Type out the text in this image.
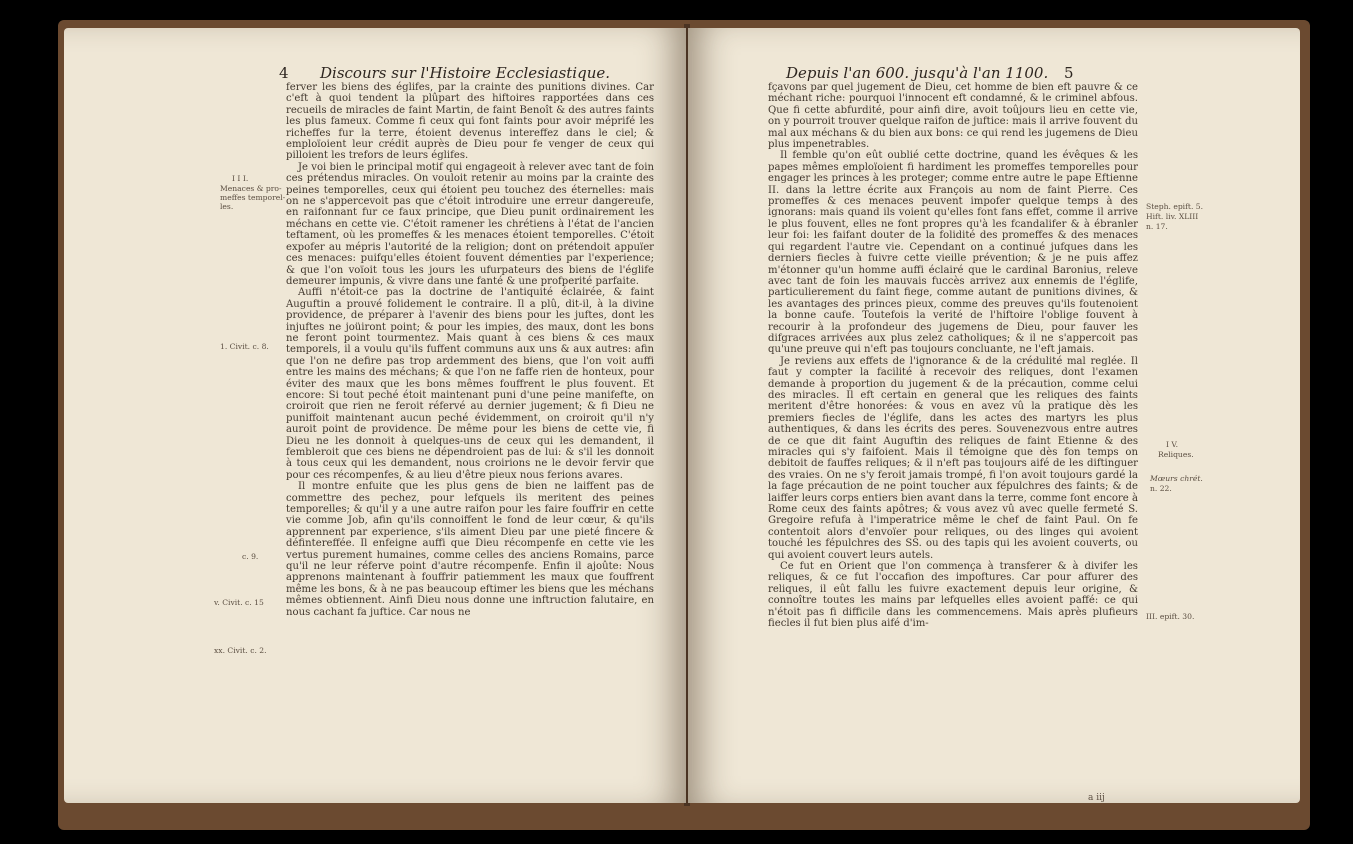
4 Discours sur l'Histoire Ecclesiastique.

ferver les biens des églifes, par la crainte des punitions divines. Car c'eft à quoi tendent la plûpart des hiftoires rapportées dans ces recueils de miracles de faint Martin, de faint Benoît & des autres faints les plus fameux. Comme fi ceux qui font faints pour avoir méprifé les richeffes fur la terre, étoient devenus intereffez dans le ciel; & emploïoient leur crédit auprès de Dieu pour fe venger de ceux qui pilloient les trefors de leurs églifes.

Je voi bien le principal motif qui engageoit à relever avec tant de foin ces prétendus miracles. On vouloit retenir au moins par la crainte des peines temporelles, ceux qui étoient peu touchez des éternelles: mais on ne s'appercevoit pas que c'étoit introduire une erreur dangereufe, en raifonnant fur ce faux principe, que Dieu punit ordinairement les méchans en cette vie. C'étoit ramener les chrétiens à l'état de l'ancien teftament, où les promeffes & les menaces étoient temporelles. C'étoit expofer au mépris l'autorité de la religion; dont on prétendoit appuïer ces menaces: puifqu'elles étoient fouvent démenties par l'experience; & que l'on voïoit tous les jours les ufurpateurs des biens de l'églife demeurer impunis, & vivre dans une fanté & une profperité parfaite.

Auffi n'étoit-ce pas la doctrine de l'antiquité éclairée, & faint Auguftin a prouvé folidement le contraire. Il a plû, dit-il, à la divine providence, de préparer à l'avenir des biens pour les juftes, dont les injuftes ne joüiront point; & pour les impies, des maux, dont les bons ne feront point tourmentez. Mais quant à ces biens & ces maux temporels, il a voulu qu'ils fuffent communs aux uns & aux autres: afin que l'on ne defire pas trop ardemment des biens, que l'on voit auffi entre les mains des méchans; & que l'on ne faffe rien de honteux, pour éviter des maux que les bons mêmes fouffrent le plus fouvent. Et encore: Si tout peché étoit maintenant puni d'une peine manifefte, on croiroit que rien ne feroit réfervé au dernier jugement; & fi Dieu ne puniffoit maintenant aucun peché évidemment, on croiroit qu'il n'y auroit point de providence. De même pour les biens de cette vie, fi Dieu ne les donnoit à quelques-uns de ceux qui les demandent, il fembleroit que ces biens ne dépendroient pas de lui: & s'il les donnoit à tous ceux qui les demandent, nous croirions ne le devoir fervir que pour ces récompenfes, & au lieu d'être pieux nous ferions avares.

Il montre enfuite que les plus gens de bien ne laiffent pas de commettre des pechez, pour lefquels ils meritent des peines temporelles; & qu'il y a une autre raifon pour les faire fouffrir en cette vie comme Job, afin qu'ils connoiffent le fond de leur cœur, & qu'ils apprennent par experience, s'ils aiment Dieu par une pieté fincere & défintereffée. Il enfeigne auffi que Dieu récompenfe en cette vie les vertus purement humaines, comme celles des anciens Romains, parce qu'il ne leur réferve point d'autre récompenfe. Enfin il ajoûte: Nous apprenons maintenant à fouffrir patiemment les maux que fouffrent même les bons, & à ne pas beaucoup eftimer les biens que les méchans mêmes obtiennent. Ainfi Dieu nous donne une inftruction falutaire, en nous cachant fa juftice. Car nous ne

I I I.
Menaces & pro-
meffes temporel-
les.
1. Civit. c. 8.
c. 9.
v. Civit. c. 15
xx. Civit. c. 2.
Depuis l'an 600. jusqu'à l'an 1100. 5

fçavons par quel jugement de Dieu, cet homme de bien eft pauvre & ce méchant riche: pourquoi l'innocent eft condamné, & le criminel abfous. Que fi cette abfurdité, pour ainfi dire, avoit toûjours lieu en cette vie, on y pourroit trouver quelque raifon de juftice: mais il arrive fouvent du mal aux méchans & du bien aux bons: ce qui rend les jugemens de Dieu plus impenetrables.

Il femble qu'on eût oublié cette doctrine, quand les évêques & les papes mêmes emploïoient fi hardiment les promeffes temporelles pour engager les princes à les proteger; comme entre autre le pape Eftienne II. dans la lettre écrite aux François au nom de faint Pierre. Ces promeffes & ces menaces peuvent impofer quelque temps à des ignorans: mais quand ils voient qu'elles font fans effet, comme il arrive le plus fouvent, elles ne font propres qu'à les fcandalifer & à ébranler leur foi: les faifant douter de la folidité des promeffes & des menaces qui regardent l'autre vie. Cependant on a continué jufques dans les derniers fiecles à fuivre cette vieille prévention; & je ne puis affez m'étonner qu'un homme auffi éclairé que le cardinal Baronius, releve avec tant de foin les mauvais fuccès arrivez aux ennemis de l'églife, particulierement du faint fiege, comme autant de punitions divines, & les avantages des princes pieux, comme des preuves qu'ils foutenoient la bonne caufe. Toutefois la verité de l'hiftoire l'oblige fouvent à recourir à la profondeur des jugemens de Dieu, pour fauver les difgraces arrivées aux plus zelez catholiques; & il ne s'appercoit pas qu'une preuve qui n'eft pas toujours concluante, ne l'eft jamais.

Je reviens aux effets de l'ignorance & de la crédulité mal reglée. Il faut y compter la facilité à recevoir des reliques, dont l'examen demande à proportion du jugement & de la précaution, comme celui des miracles. Il eft certain en general que les reliques des faints meritent d'être honorées: & vous en avez vû la pratique dès les premiers fiecles de l'églife, dans les actes des martyrs les plus authentiques, & dans les écrits des peres. Souvenezvous entre autres de ce que dit faint Auguftin des reliques de faint Etienne & des miracles qui s'y faifoient. Mais il témoigne que dès fon temps on debitoit de fauffes reliques; & il n'eft pas toujours aifé de les diftinguer des vraies. On ne s'y feroit jamais trompé, fi l'on avoit toujours gardé la la fage précaution de ne point toucher aux fépulchres des faints; & de laiffer leurs corps entiers bien avant dans la terre, comme font encore à Rome ceux des faints apôtres; & vous avez vû avec quelle fermeté S. Gregoire refufa à l'imperatrice même le chef de faint Paul. On fe contentoit alors d'envoïer pour reliques, ou des linges qui avoient touché les fépulchres des SS. ou des tapis qui les avoient couverts, ou qui avoient couvert leurs autels.

Ce fut en Orient que l'on commença à transferer & à divifer les reliques, & ce fut l'occafion des impoftures. Car pour affurer des reliques, il eût fallu les fuivre exactement depuis leur origine, & connoître toutes les mains par lefquelles elles avoient paffé: ce qui n'étoit pas fi difficile dans les commencemens. Mais après plufieurs fiecles il fut bien plus aifé d'im-

a iij
Steph. epift. 5.
Hift. liv. XLIII
n. 17.
I V.
Reliques.
Mœurs chrét.
n. 22.
III. epift. 30.
